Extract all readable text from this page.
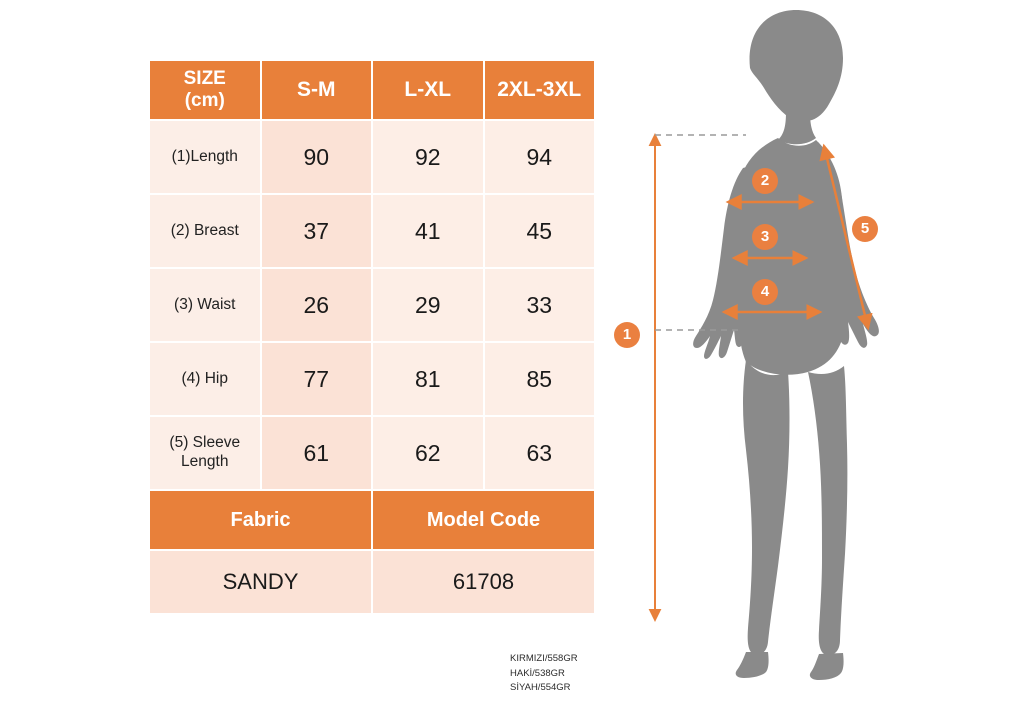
SIZE
(cm)	S-M	L-XL	2XL-3XL
(1)Length	90	92	94
(2) Breast	37	41	45
(3) Waist	26	29	33
(4) Hip	77	81	85

(5) Sleeve
Length	61	62	63
Fabric		Model Code	
SANDY		61708	
KIRMIZI/558GR
HAKİ/538GR
SİYAH/554GR
1
2
3
4
5
